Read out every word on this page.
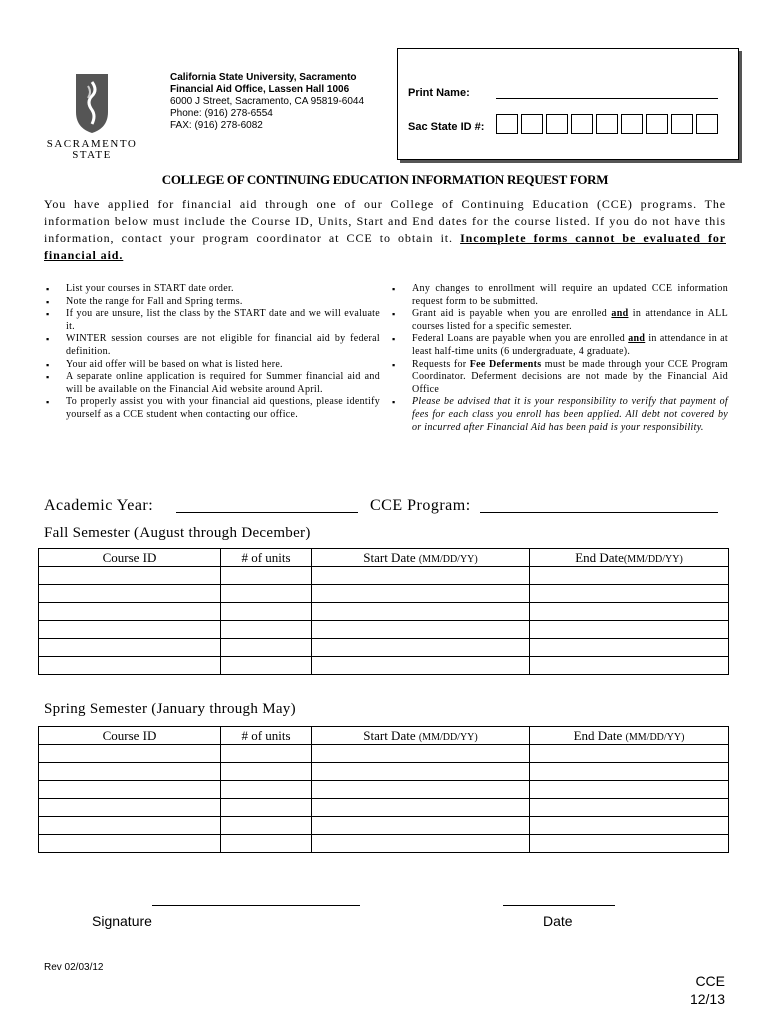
SACRAMENTO
STATE
California State University, Sacramento
Financial Aid Office, Lassen Hall 1006
6000 J Street, Sacramento, CA 95819-6044
Phone: (916) 278-6554
FAX: (916) 278-6082
Print Name:
Sac State ID #:
COLLEGE OF CONTINUING EDUCATION INFORMATION REQUEST FORM
You have applied for financial aid through one of our College of Continuing Education (CCE) programs. The information below must include the Course ID, Units, Start and End dates for the course listed. If you do not have this information, contact your program coordinator at CCE to obtain it. Incomplete forms cannot be evaluated for financial aid.
▪ List your courses in START date order.
▪ Note the range for Fall and Spring terms.
▪ If you are unsure, list the class by the START date and we will evaluate it.
▪ WINTER session courses are not eligible for financial aid by federal definition.
▪ Your aid offer will be based on what is listed here.
▪ A separate online application is required for Summer financial aid and will be available on the Financial Aid website around April.
▪ To properly assist you with your financial aid questions, please identify yourself as a CCE student when contacting our office.
▪ Any changes to enrollment will require an updated CCE information request form to be submitted.
▪ Grant aid is payable when you are enrolled and in attendance in ALL courses listed for a specific semester.
▪ Federal Loans are payable when you are enrolled and in attendance in at least half-time units (6 undergraduate, 4 graduate).
▪ Requests for Fee Deferments must be made through your CCE Program Coordinator. Deferment decisions are not made by the Financial Aid Office
▪ Please be advised that it is your responsibility to verify that payment of fees for each class you enroll has been applied. All debt not covered by or incurred after Financial Aid has been paid is your responsibility.
Academic Year:	CCE Program:
Fall Semester (August through December)
Course ID	# of units	Start Date (MM/DD/YY)	End Date(MM/DD/YY)

Spring Semester (January through May)
Course ID	# of units	Start Date (MM/DD/YY)	End Date (MM/DD/YY)

Signature	Date
Rev 02/03/12
CCE
12/13
